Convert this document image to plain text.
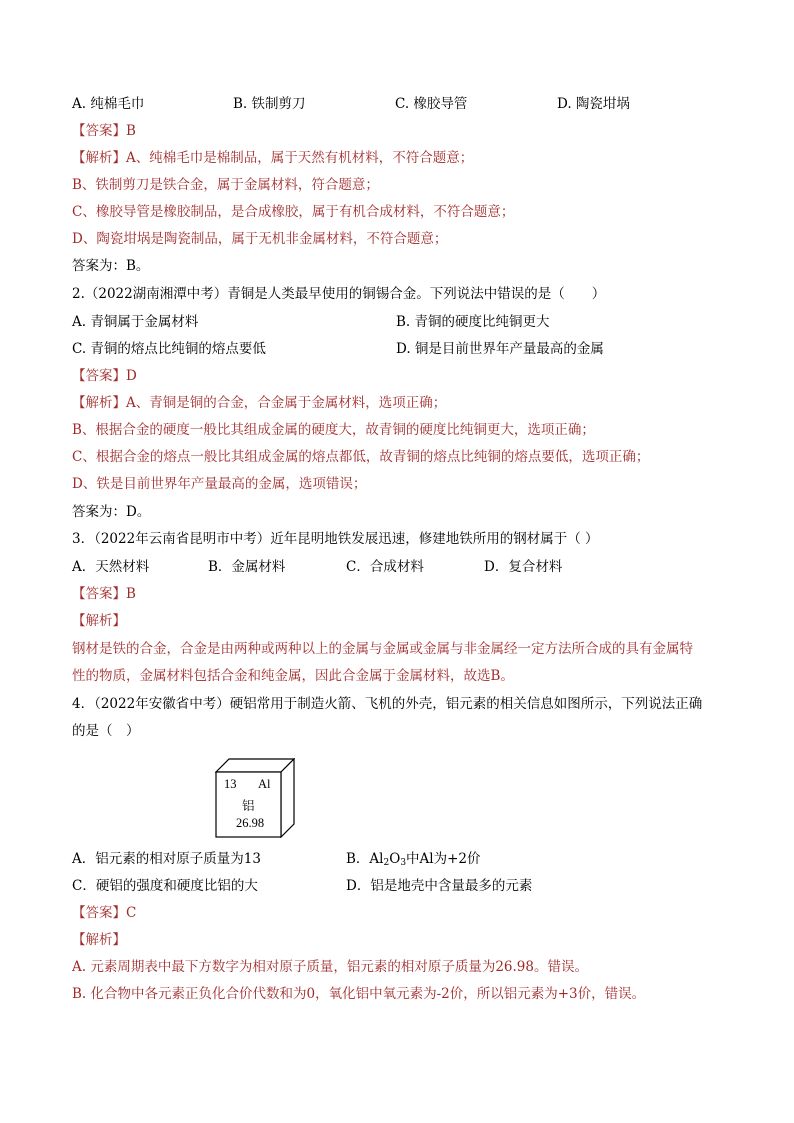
A. 纯棉毛巾	B. 铁制剪刀	C. 橡胶导管	D. 陶瓷坩埚
【答案】B
【解析】A、纯棉毛巾是棉制品，属于天然有机材料，不符合题意；
B、铁制剪刀是铁合金，属于金属材料，符合题意；
C、橡胶导管是橡胶制品，是合成橡胶，属于有机合成材料，不符合题意；
D、陶瓷坩埚是陶瓷制品，属于无机非金属材料，不符合题意；
答案为：B。
2.（2022湖南湘潭中考）青铜是人类最早使用的铜锡合金。下列说法中错误的是（　　）
A. 青铜属于金属材料	B. 青铜的硬度比纯铜更大
C. 青铜的熔点比纯铜的熔点要低	D. 铜是目前世界年产量最高的金属
【答案】D
【解析】A、青铜是铜的合金，合金属于金属材料，选项正确；
B、根据合金的硬度一般比其组成金属的硬度大，故青铜的硬度比纯铜更大，选项正确；
C、根据合金的熔点一般比其组成金属的熔点都低，故青铜的熔点比纯铜的熔点要低，选项正确；
D、铁是目前世界年产量最高的金属，选项错误；
答案为：D。
3．（2022年云南省昆明市中考）近年昆明地铁发展迅速，修建地铁所用的钢材属于（ ）
A．天然材料	B．金属材料	C．合成材料	D．复合材料
【答案】B
【解析】
钢材是铁的合金，合金是由两种或两种以上的金属与金属或金属与非金属经一定方法所合成的具有金属特
性的物质，金属材料包括合金和纯金属，因此合金属于金属材料，故选B。
4．（2022年安徽省中考）硬铝常用于制造火箭、飞机的外壳，铝元素的相关信息如图所示，下列说法正确
的是（　）
13 Al
铝
26.98
A．铝元素的相对原子质量为13	B．$Al_2O_3$中Al为+2价
C．硬铝的强度和硬度比铝的大	D．铝是地壳中含量最多的元素
【答案】C
【解析】
A. 元素周期表中最下方数字为相对原子质量，铝元素的相对原子质量为26.98。错误。
B. 化合物中各元素正负化合价代数和为0，氧化铝中氧元素为-2价，所以铝元素为+3价，错误。
